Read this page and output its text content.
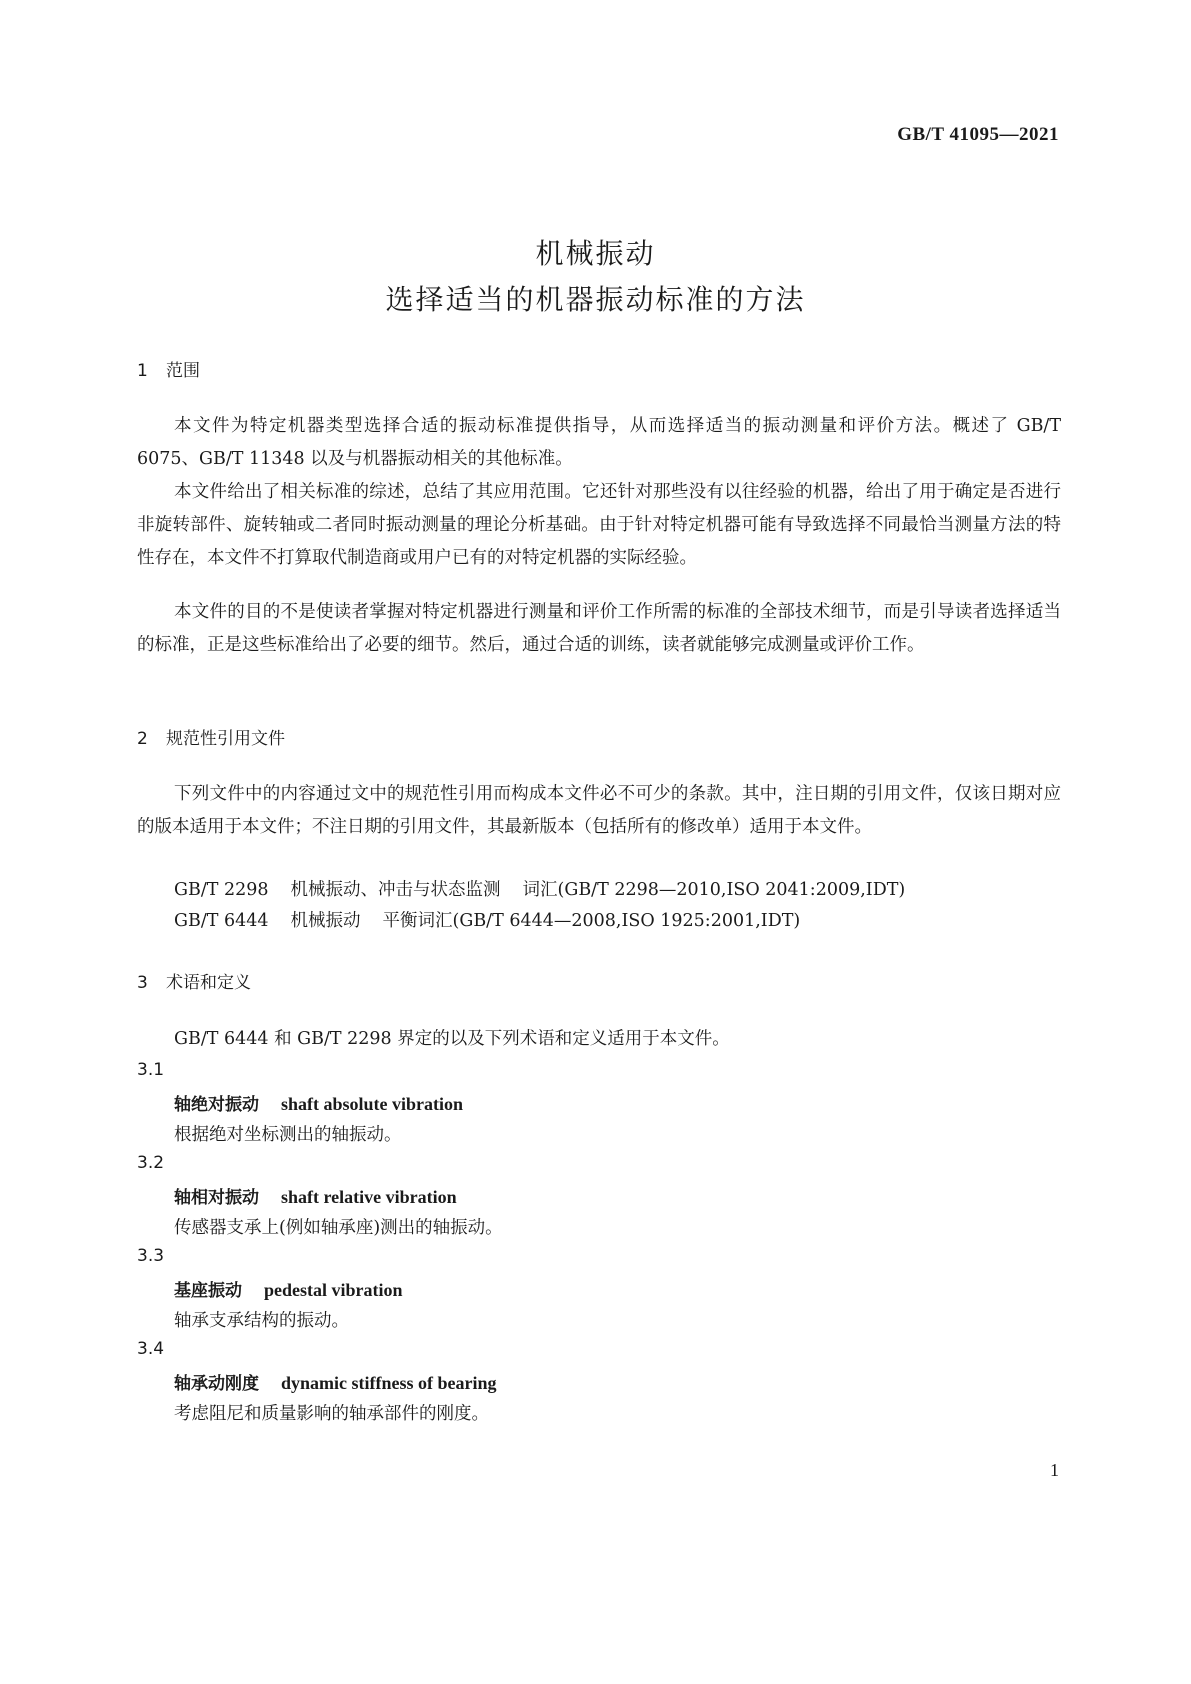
GB/T 41095—2021
机械振动
选择适当的机器振动标准的方法
1 范围

本文件为特定机器类型选择合适的振动标准提供指导，从而选择适当的振动测量和评价方法。概述了 GB/T 6075、GB/T 11348 以及与机器振动相关的其他标准。

本文件给出了相关标准的综述，总结了其应用范围。它还针对那些没有以往经验的机器，给出了用于确定是否进行非旋转部件、旋转轴或二者同时振动测量的理论分析基础。由于针对特定机器可能有导致选择不同最恰当测量方法的特性存在，本文件不打算取代制造商或用户已有的对特定机器的实际经验。

本文件的目的不是使读者掌握对特定机器进行测量和评价工作所需的标准的全部技术细节，而是引导读者选择适当的标准，正是这些标准给出了必要的细节。然后，通过合适的训练，读者就能够完成测量或评价工作。

2 规范性引用文件

下列文件中的内容通过文中的规范性引用而构成本文件必不可少的条款。其中，注日期的引用文件，仅该日期对应的版本适用于本文件；不注日期的引用文件，其最新版本（包括所有的修改单）适用于本文件。

GB/T 2298 机械振动、冲击与状态监测 词汇(GB/T 2298—2010,ISO 2041:2009,IDT)
GB/T 6444 机械振动 平衡词汇(GB/T 6444—2008,ISO 1925:2001,IDT)
3 术语和定义
GB/T 6444 和 GB/T 2298 界定的以及下列术语和定义适用于本文件。
3.1
轴绝对振动 shaft absolute vibration
根据绝对坐标测出的轴振动。
3.2
轴相对振动 shaft relative vibration
传感器支承上(例如轴承座)测出的轴振动。
3.3
基座振动 pedestal vibration
轴承支承结构的振动。
3.4
轴承动刚度 dynamic stiffness of bearing
考虑阻尼和质量影响的轴承部件的刚度。
1
